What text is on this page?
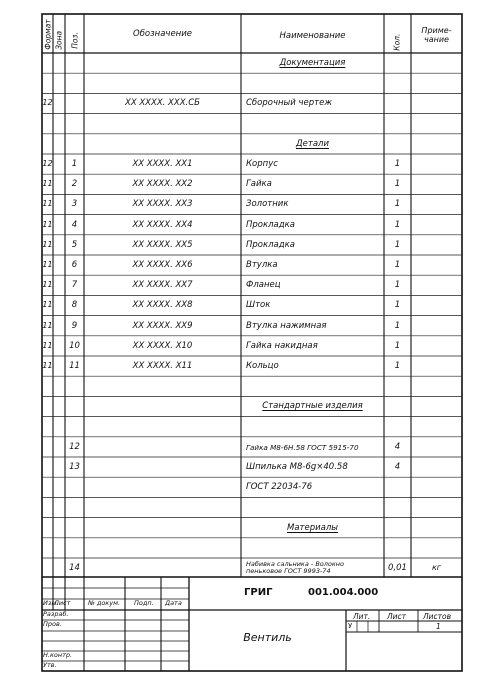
Формат Зона Поз.	Обозначение	Наименование	Кол.
Приме-
чание
Документация
12	XX XXXX. XXX.СБ	Сборочный чертеж
Детали
12	1	XX XXXX. XX1	Корпус	1
11	2	XX XXXX. XX2	Гайка	1
11	3	XX XXXX. XX3	Золотник	1
11	4	XX XXXX. XX4	Прокладка	1
11	5	XX XXXX. XX5	Прокладка	1
11	6	XX XXXX. XX6	Втулка	1
11	7	XX XXXX. XX7	Фланец	1
11	8	XX XXXX. XX8	Шток	1
11	9	XX XXXX. XX9	Втулка нажимная	1
11	10	XX XXXX. X10	Гайка накидная	1
11	11	XX XXXX. X11	Кольцо	1
Стандартные изделия
12	Гайка М8-6Н.58 ГОСТ 5915-70	4
13	Шпилька М8-6g×40.58	4
ГОСТ 22034-76
Материалы
14	Набивка сальника - Волокно
пеньковое ГОСТ 9993-74	0,01	кг
Изм.
Лист	№ докум. Подп. Дата
Разраб.
Пров.
Н.контр.
Утв.
ГРИГ	001.004.000
Вентиль
Лит. Лист Листов
У	1
